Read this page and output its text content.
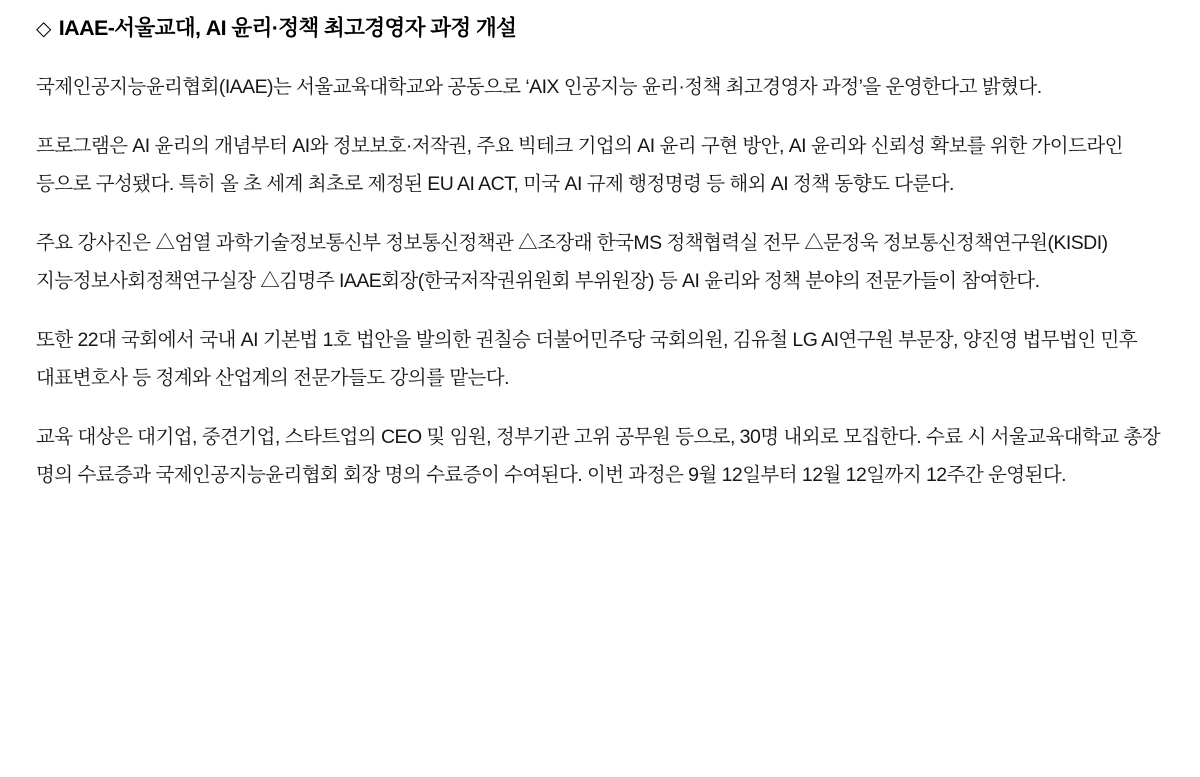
◇ IAAE-서울교대, AI 윤리·정책 최고경영자 과정 개설

국제인공지능윤리협회(IAAE)는 서울교육대학교와 공동으로 ‘AIX 인공지능 윤리·정책 최고경영자 과정’을 운영한다고 밝혔다.

프로그램은 AI 윤리의 개념부터 AI와 정보보호·저작권, 주요 빅테크 기업의 AI 윤리 구현 방안, AI 윤리와 신뢰성 확보를 위한 가이드라인 등으로 구성됐다. 특히 올 초 세계 최초로 제정된 EU AI ACT, 미국 AI 규제 행정명령 등 해외 AI 정책 동향도 다룬다.

주요 강사진은 △엄열 과학기술정보통신부 정보통신정책관 △조장래 한국MS 정책협력실 전무 △문정욱 정보통신정책연구원(KISDI) 지능정보사회정책연구실장 △김명주 IAAE회장(한국저작권위원회 부위원장) 등 AI 윤리와 정책 분야의 전문가들이 참여한다.

또한 22대 국회에서 국내 AI 기본법 1호 법안을 발의한 권칠승 더불어민주당 국회의원, 김유철 LG AI연구원 부문장, 양진영 법무법인 민후 대표변호사 등 정계와 산업계의 전문가들도 강의를 맡는다.

교육 대상은 대기업, 중견기업, 스타트업의 CEO 및 임원, 정부기관 고위 공무원 등으로, 30명 내외로 모집한다. 수료 시 서울교육대학교 총장 명의 수료증과 국제인공지능윤리협회 회장 명의 수료증이 수여된다. 이번 과정은 9월 12일부터 12월 12일까지 12주간 운영된다.
